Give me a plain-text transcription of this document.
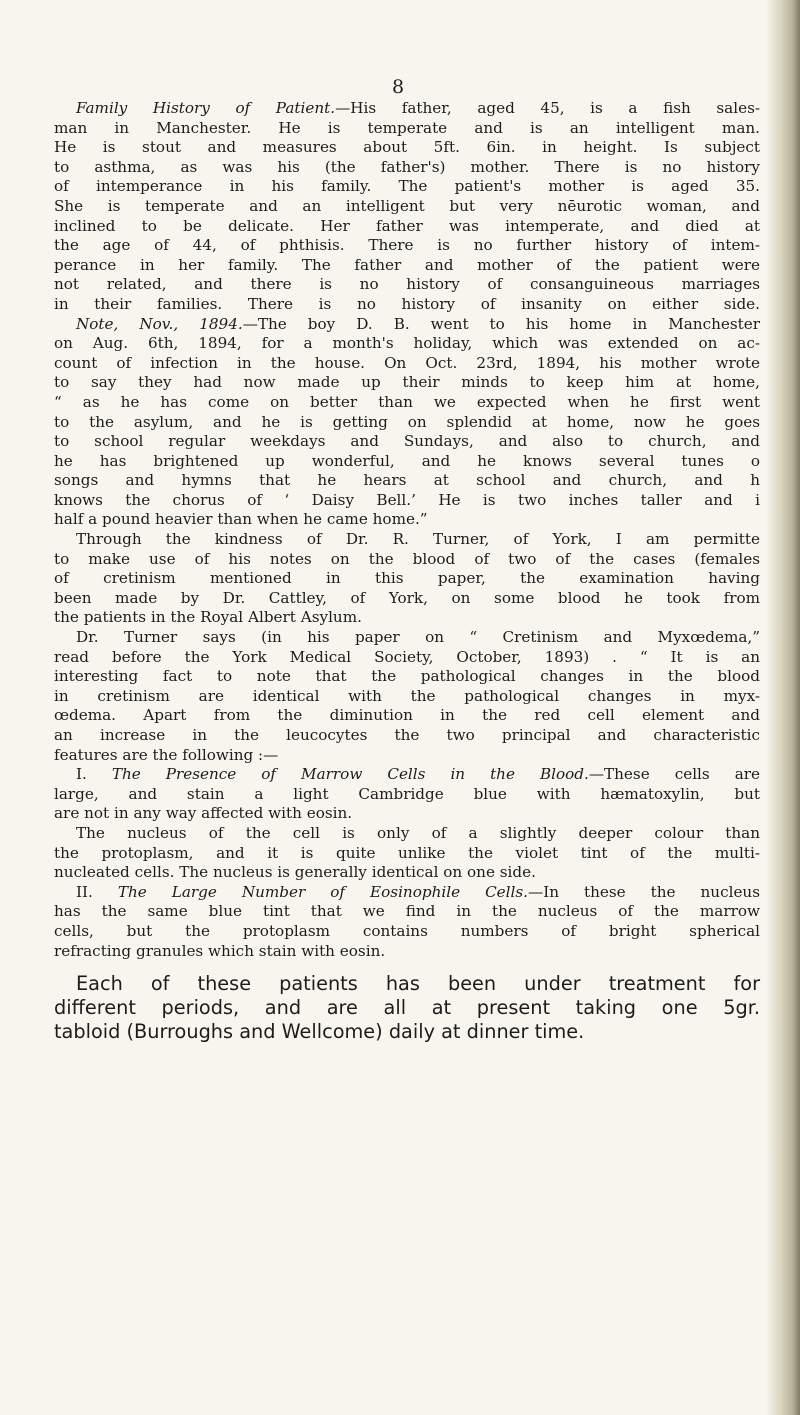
8

Family History of Patient.—His father, aged 45, is a fish sales-

man in Manchester. He is temperate and is an intelligent man.

He is stout and measures about 5ft. 6in. in height. Is subject

to asthma, as was his (the father's) mother. There is no history

of intemperance in his family. The patient's mother is aged 35.

She is temperate and an intelligent but very nēurotic woman, and

inclined to be delicate. Her father was intemperate, and died at

the age of 44, of phthisis. There is no further history of intem-

perance in her family. The father and mother of the patient were

not related, and there is no history of consanguineous marriages

in their families. There is no history of insanity on either side.

Note, Nov., 1894.—The boy D. B. went to his home in Manchester

on Aug. 6th, 1894, for a month's holiday, which was extended on ac-

count of infection in the house. On Oct. 23rd, 1894, his mother wrote

to say they had now made up their minds to keep him at home,

“ as he has come on better than we expected when he first went

to the asylum, and he is getting on splendid at home, now he goes

to school regular weekdays and Sundays, and also to church, and

he has brightened up wonderful, and he knows several tunes o

songs and hymns that he hears at school and church, and h

knows the chorus of ‘ Daisy Bell.’ He is two inches taller and i

half a pound heavier than when he came home.”

Through the kindness of Dr. R. Turner, of York, I am permitte

to make use of his notes on the blood of two of the cases (females

of cretinism mentioned in this paper, the examination having

been made by Dr. Cattley, of York, on some blood he took from

the patients in the Royal Albert Asylum.

Dr. Turner says (in his paper on “ Cretinism and Myxœdema,”

read before the York Medical Society, October, 1893) . “ It is an

interesting fact to note that the pathological changes in the blood

in cretinism are identical with the pathological changes in myx-

œdema. Apart from the diminution in the red cell element and

an increase in the leucocytes the two principal and characteristic

features are the following :—

I. The Presence of Marrow Cells in the Blood.—These cells are

large, and stain a light Cambridge blue with hæmatoxylin, but

are not in any way affected with eosin.

The nucleus of the cell is only of a slightly deeper colour than

the protoplasm, and it is quite unlike the violet tint of the multi-

nucleated cells. The nucleus is generally identical on one side.

II. The Large Number of Eosinophile Cells.—In these the nucleus

has the same blue tint that we find in the nucleus of the marrow

cells, but the protoplasm contains numbers of bright spherical

refracting granules which stain with eosin.

Each of these patients has been under treatment for

different periods, and are all at present taking one 5gr.

tabloid (Burroughs and Wellcome) daily at dinner time.
